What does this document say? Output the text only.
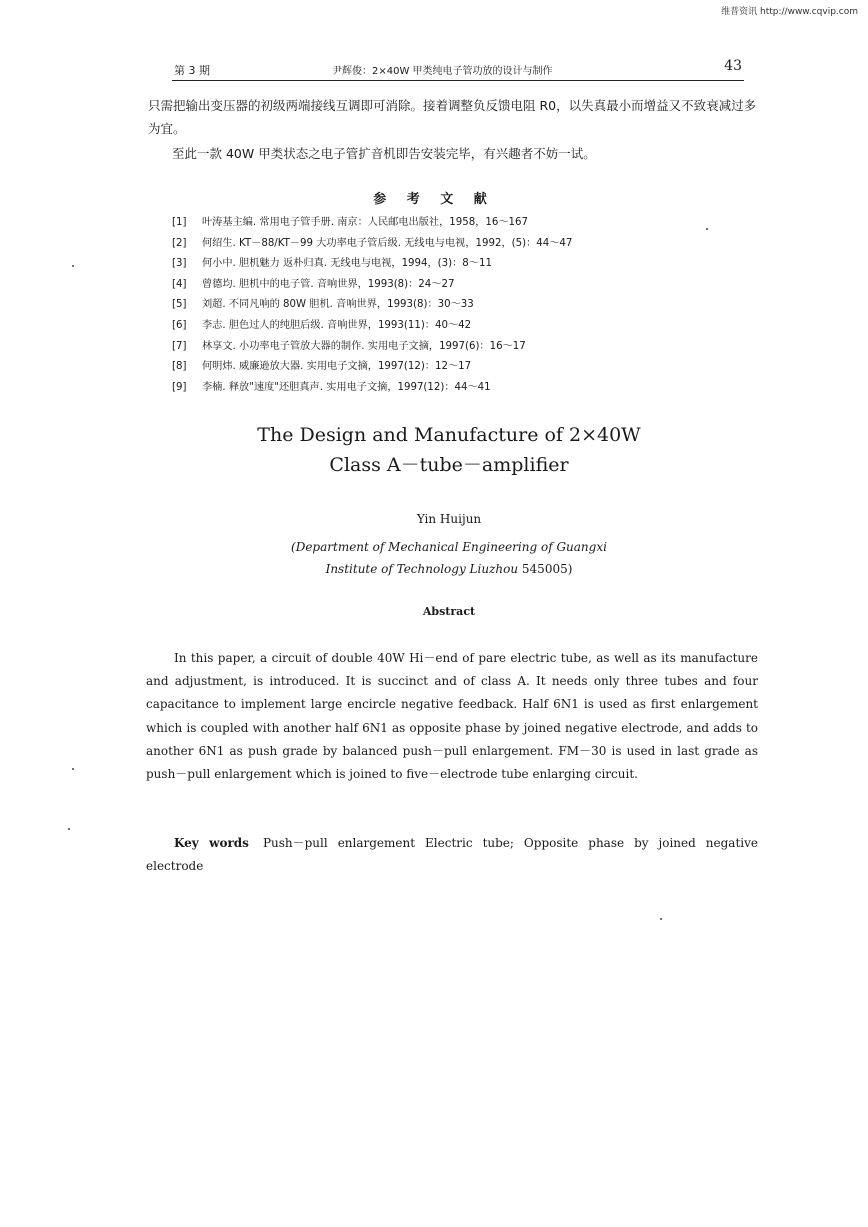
维普资讯 http://www.cqvip.com
第 3 期	尹辉俊：2×40W 甲类纯电子管功放的设计与制作	43

只需把输出变压器的初级两端接线互调即可消除。接着调整负反馈电阻 R0，以失真最小而增益又不致衰减过多为宜。

至此一款 40W 甲类状态之电子管扩音机即告安装完毕，有兴趣者不妨一试。

参 考 文 献
[1] 叶涛基主编. 常用电子管手册. 南京：人民邮电出版社，1958，16～167
[2] 何绍生. KT－88/KT－99 大功率电子管后级. 无线电与电视，1992，(5)：44～47
[3] 何小中. 胆机魅力 返朴归真. 无线电与电视，1994，(3)：8～11
[4] 曾德均. 胆机中的电子管. 音响世界，1993(8)：24～27
[5] 刘超. 不同凡响的 80W 胆机. 音响世界，1993(8)：30～33
[6] 李志. 胆色过人的纯胆后级. 音响世界，1993(11)：40～42
[7] 林享文. 小功率电子管放大器的制作. 实用电子文摘，1997(6)：16～17
[8] 何明炜. 威廉逊放大器. 实用电子文摘，1997(12)：12～17
[9] 李楠. 释放"速度"还胆真声. 实用电子文摘，1997(12)：44～41
The Design and Manufacture of 2×40W
Class A－tube－amplifier
Yin Huijun
(Department of Mechanical Engineering of Guangxi
Institute of Technology Liuzhou 545005)
Abstract

In this paper, a circuit of double 40W Hi－end of pare electric tube, as well as its manufacture and adjustment, is introduced. It is succinct and of class A. It needs only three tubes and four capacitance to implement large encircle negative feedback. Half 6N1 is used as first enlargement which is coupled with another half 6N1 as opposite phase by joined negative electrode, and adds to another 6N1 as push grade by balanced push－pull enlargement. FM－30 is used in last grade as push－pull enlargement which is joined to five－electrode tube enlarging circuit.

Key words Push－pull enlargement Electric tube; Opposite phase by joined negative electrode
